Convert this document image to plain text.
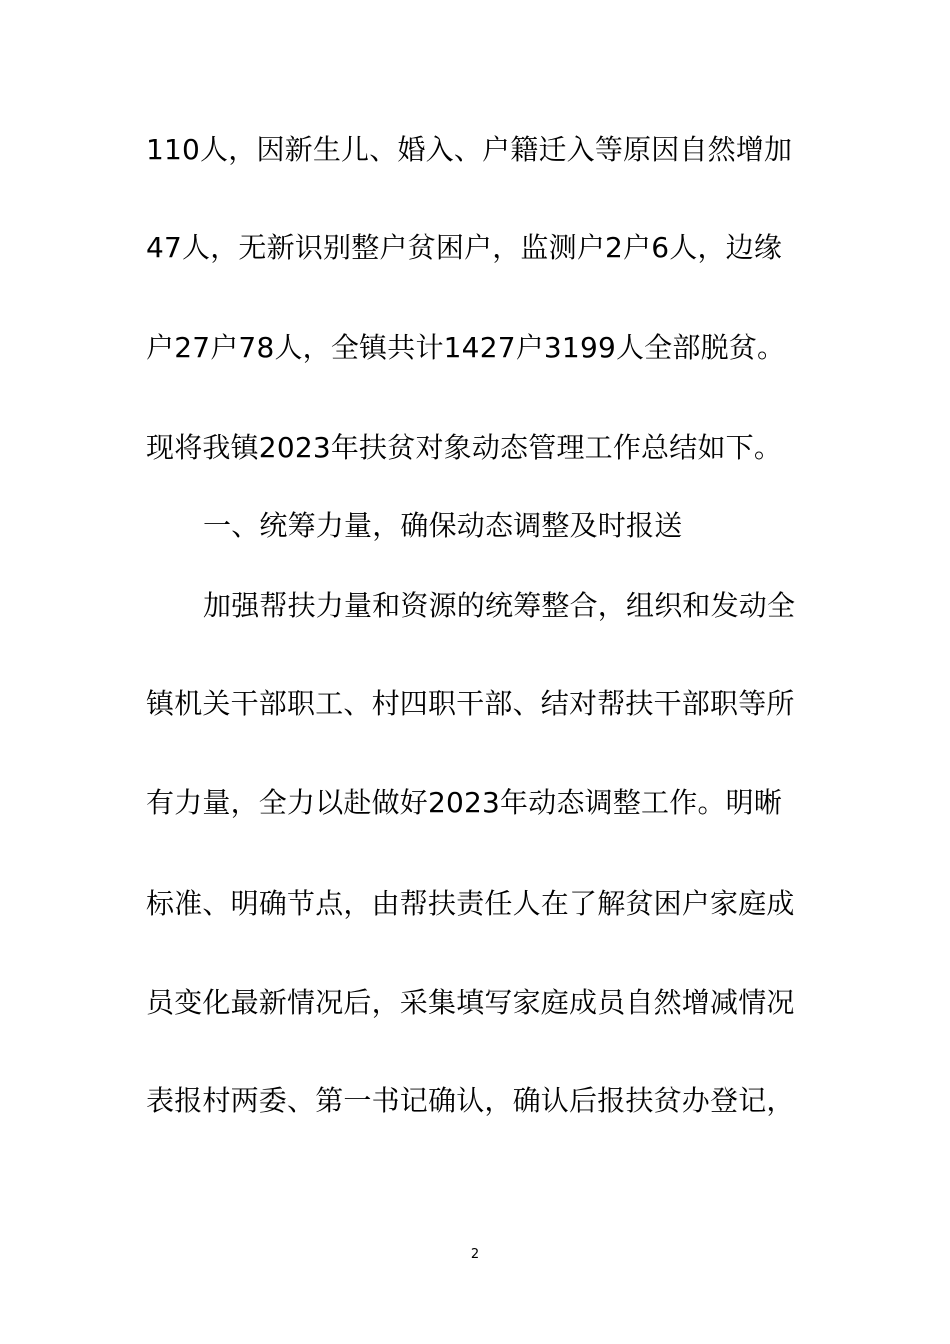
110人，因新生儿、婚入、户籍迁入等原因自然增加
47人，无新识别整户贫困户，监测户2户6人，边缘
户27户78人，全镇共计1427户3199人全部脱贫。
现将我镇2023年扶贫对象动态管理工作总结如下。
一、统筹力量，确保动态调整及时报送
加强帮扶力量和资源的统筹整合，组织和发动全
镇机关干部职工、村四职干部、结对帮扶干部职等所
有力量，全力以赴做好2023年动态调整工作。明晰
标准、明确节点，由帮扶责任人在了解贫困户家庭成
员变化最新情况后，采集填写家庭成员自然增减情况
表报村两委、第一书记确认，确认后报扶贫办登记，
2
